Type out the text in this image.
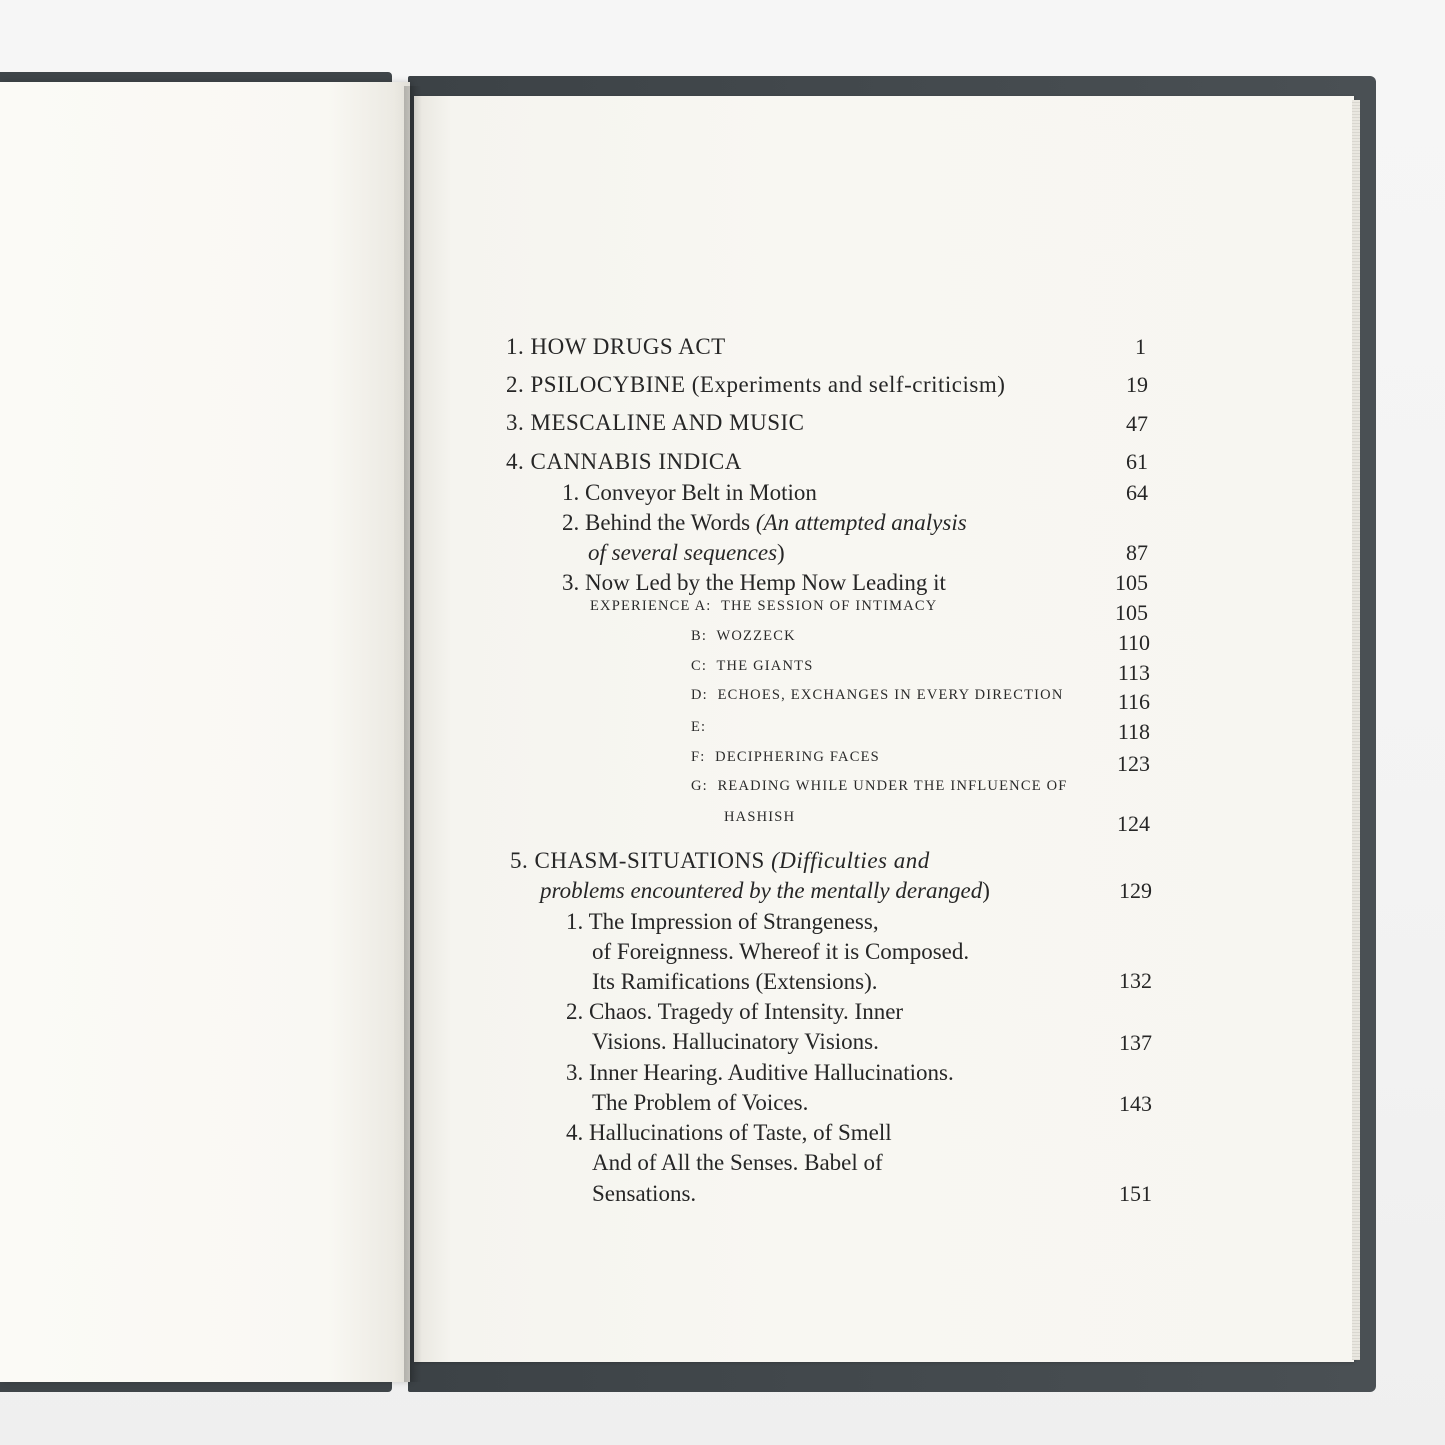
1. HOW DRUGS ACT	1
2. PSILOCYBINE (Experiments and self-criticism)	19
3. MESCALINE AND MUSIC	47
4. CANNABIS INDICA	61
1. Conveyor Belt in Motion	64
2. Behind the Words (An attempted analysis
of several sequences)	87
3. Now Led by the Hemp Now Leading it	105
EXPERIENCE A: THE SESSION OF INTIMACY	105
B: WOZZECK	110
C: THE GIANTS	113
D: ECHOES, EXCHANGES IN EVERY DIRECTION	116
E:	118
F: DECIPHERING FACES	123
G: READING WHILE UNDER THE INFLUENCE OF
HASHISH	124
5. CHASM-SITUATIONS (Difficulties and
problems encountered by the mentally deranged)	129
1. The Impression of Strangeness,
of Foreignness. Whereof it is Composed.
Its Ramifications (Extensions).	132
2. Chaos. Tragedy of Intensity. Inner
Visions. Hallucinatory Visions.	137
3. Inner Hearing. Auditive Hallucinations.
The Problem of Voices.	143
4. Hallucinations of Taste, of Smell
And of All the Senses. Babel of
Sensations.	151
